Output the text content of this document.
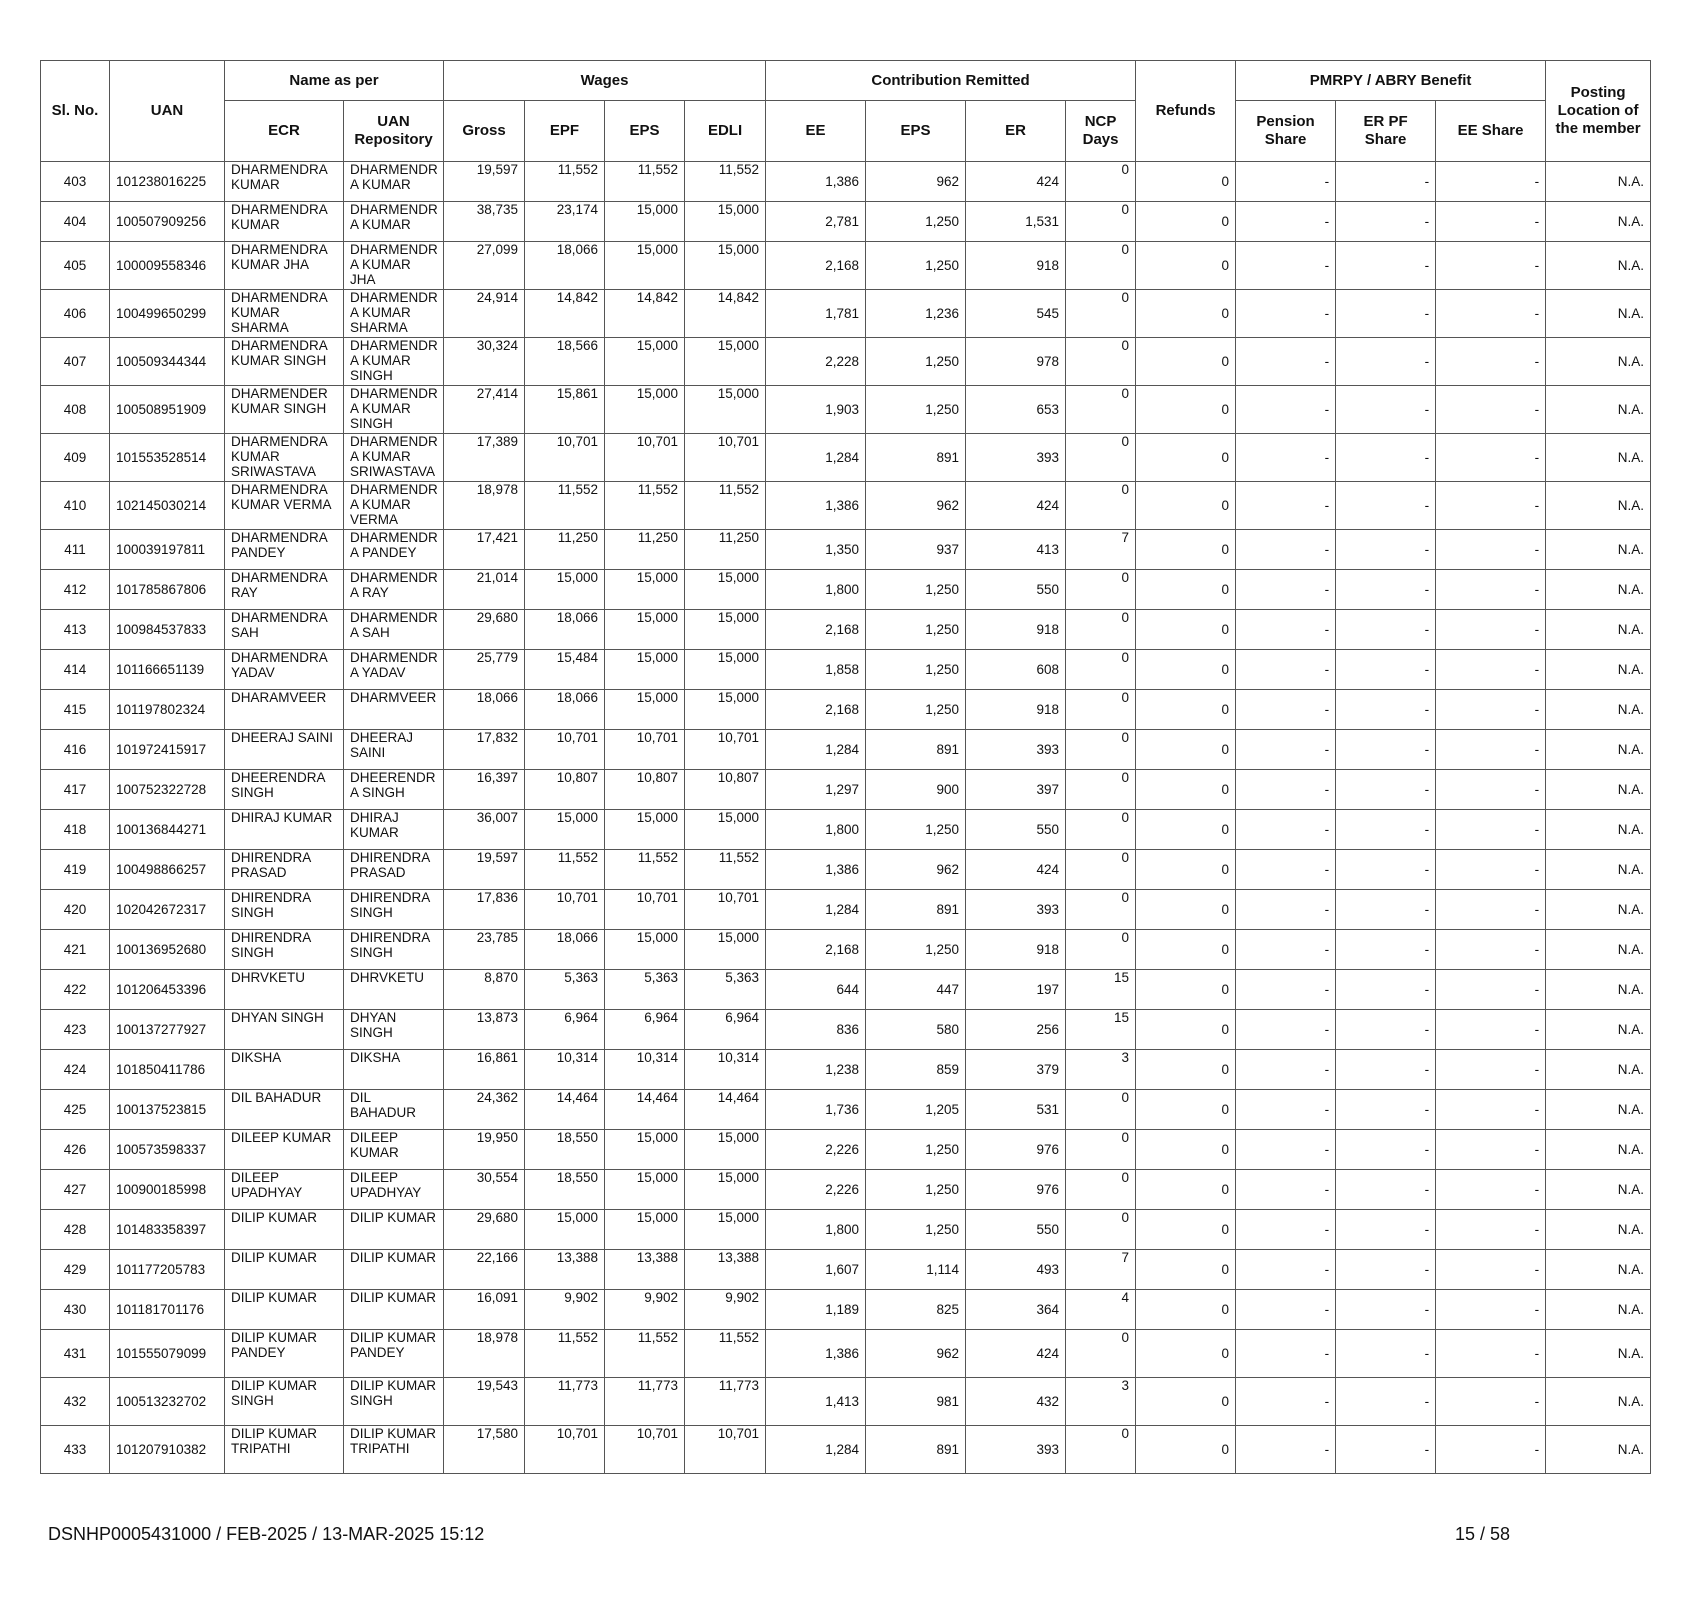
Sl. No.	UAN	Name as per		Wages				Contribution Remitted				Refunds	PMRPY / ABRY Benefit			Posting Location of the member
		ECR	UAN Repository	Gross	EPF	EPS	EDLI	EE	EPS	ER	NCP Days		Pension Share	ER PF Share	EE Share	
403	101238016225	DHARMENDRA KUMAR	DHARMENDR A KUMAR	19,597	11,552	11,552	11,552	1,386	962	424	0	0	-	-	-	N.A.
404	100507909256	DHARMENDRA KUMAR	DHARMENDR A KUMAR	38,735	23,174	15,000	15,000	2,781	1,250	1,531	0	0	-	-	-	N.A.
405	100009558346	DHARMENDRA KUMAR JHA	DHARMENDR A KUMAR JHA	27,099	18,066	15,000	15,000	2,168	1,250	918	0	0	-	-	-	N.A.
406	100499650299	DHARMENDRA KUMAR SHARMA	DHARMENDR A KUMAR SHARMA	24,914	14,842	14,842	14,842	1,781	1,236	545	0	0	-	-	-	N.A.
407	100509344344	DHARMENDRA KUMAR SINGH	DHARMENDR A KUMAR SINGH	30,324	18,566	15,000	15,000	2,228	1,250	978	0	0	-	-	-	N.A.
408	100508951909	DHARMENDER KUMAR SINGH	DHARMENDR A KUMAR SINGH	27,414	15,861	15,000	15,000	1,903	1,250	653	0	0	-	-	-	N.A.
409	101553528514	DHARMENDRA KUMAR SRIWASTAVA	DHARMENDR A KUMAR SRIWASTAVA	17,389	10,701	10,701	10,701	1,284	891	393	0	0	-	-	-	N.A.
410	102145030214	DHARMENDRA KUMAR VERMA	DHARMENDR A KUMAR VERMA	18,978	11,552	11,552	11,552	1,386	962	424	0	0	-	-	-	N.A.
411	100039197811	DHARMENDRA PANDEY	DHARMENDR A PANDEY	17,421	11,250	11,250	11,250	1,350	937	413	7	0	-	-	-	N.A.
412	101785867806	DHARMENDRA RAY	DHARMENDR A RAY	21,014	15,000	15,000	15,000	1,800	1,250	550	0	0	-	-	-	N.A.
413	100984537833	DHARMENDRA SAH	DHARMENDR A SAH	29,680	18,066	15,000	15,000	2,168	1,250	918	0	0	-	-	-	N.A.
414	101166651139	DHARMENDRA YADAV	DHARMENDR A YADAV	25,779	15,484	15,000	15,000	1,858	1,250	608	0	0	-	-	-	N.A.
415	101197802324	DHARAMVEER	DHARMVEER	18,066	18,066	15,000	15,000	2,168	1,250	918	0	0	-	-	-	N.A.
416	101972415917	DHEERAJ SAINI	DHEERAJ SAINI	17,832	10,701	10,701	10,701	1,284	891	393	0	0	-	-	-	N.A.
417	100752322728	DHEERENDRA SINGH	DHEERENDR A SINGH	16,397	10,807	10,807	10,807	1,297	900	397	0	0	-	-	-	N.A.
418	100136844271	DHIRAJ KUMAR	DHIRAJ KUMAR	36,007	15,000	15,000	15,000	1,800	1,250	550	0	0	-	-	-	N.A.
419	100498866257	DHIRENDRA PRASAD	DHIRENDRA PRASAD	19,597	11,552	11,552	11,552	1,386	962	424	0	0	-	-	-	N.A.
420	102042672317	DHIRENDRA SINGH	DHIRENDRA SINGH	17,836	10,701	10,701	10,701	1,284	891	393	0	0	-	-	-	N.A.
421	100136952680	DHIRENDRA SINGH	DHIRENDRA SINGH	23,785	18,066	15,000	15,000	2,168	1,250	918	0	0	-	-	-	N.A.
422	101206453396	DHRVKETU	DHRVKETU	8,870	5,363	5,363	5,363	644	447	197	15	0	-	-	-	N.A.
423	100137277927	DHYAN SINGH	DHYAN SINGH	13,873	6,964	6,964	6,964	836	580	256	15	0	-	-	-	N.A.
424	101850411786	DIKSHA	DIKSHA	16,861	10,314	10,314	10,314	1,238	859	379	3	0	-	-	-	N.A.
425	100137523815	DIL BAHADUR	DIL BAHADUR	24,362	14,464	14,464	14,464	1,736	1,205	531	0	0	-	-	-	N.A.
426	100573598337	DILEEP KUMAR	DILEEP KUMAR	19,950	18,550	15,000	15,000	2,226	1,250	976	0	0	-	-	-	N.A.
427	100900185998	DILEEP UPADHYAY	DILEEP UPADHYAY	30,554	18,550	15,000	15,000	2,226	1,250	976	0	0	-	-	-	N.A.
428	101483358397	DILIP KUMAR	DILIP KUMAR	29,680	15,000	15,000	15,000	1,800	1,250	550	0	0	-	-	-	N.A.
429	101177205783	DILIP KUMAR	DILIP KUMAR	22,166	13,388	13,388	13,388	1,607	1,114	493	7	0	-	-	-	N.A.
430	101181701176	DILIP KUMAR	DILIP KUMAR	16,091	9,902	9,902	9,902	1,189	825	364	4	0	-	-	-	N.A.
431	101555079099	DILIP KUMAR PANDEY	DILIP KUMAR PANDEY	18,978	11,552	11,552	11,552	1,386	962	424	0	0	-	-	-	N.A.
432	100513232702	DILIP KUMAR SINGH	DILIP KUMAR SINGH	19,543	11,773	11,773	11,773	1,413	981	432	3	0	-	-	-	N.A.
433	101207910382	DILIP KUMAR TRIPATHI	DILIP KUMAR TRIPATHI	17,580	10,701	10,701	10,701	1,284	891	393	0	0	-	-	-	N.A.
DSNHP0005431000 / FEB-2025 / 13-MAR-2025 15:12	15 / 58
